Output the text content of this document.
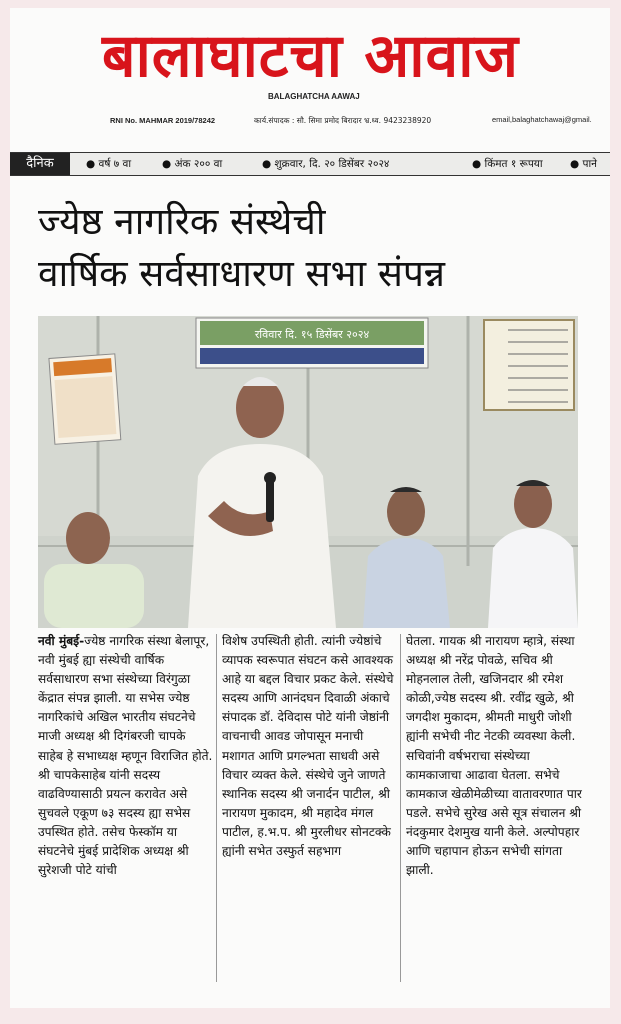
बालाघाटचा आवाज
BALAGHATCHA AAWAJ
RNI No. MAHMAR 2019/78242	कार्य.संपादक : सौ. सिमा प्रमोद बिरादार भ्र.ध्व. 9423238920	email,balaghatchawaj@gmail.
दैनिक	● वर्ष ७ वा	● अंक २०० वा	● शुक्रवार, दि. २० डिसेंबर २०२४	● किंमत १ रूपया	● पाने
ज्येष्ठ नागरिक संस्थेची
वार्षिक सर्वसाधारण सभा संपन्न
रविवार दि. १५ डिसेंबर २०२४
नवी मुंबई-ज्येष्ठ नागरिक संस्था बेलापूर, नवी मुंबई ह्या संस्थेची वार्षिक सर्वसाधारण सभा संस्थेच्या विरंगुळा केंद्रात संपन्न झाली. या सभेस ज्येष्ठ नागरिकांचे अखिल भारतीय संघटनेचे माजी अध्यक्ष श्री दिगंबरजी चापके साहेब हे सभाध्यक्ष म्हणून विराजित होते. श्री चापकेसाहेब यांनी सदस्य वाढविण्यासाठी प्रयत्न करावेत असे सुचवले एकूण ७३ सदस्य ह्या सभेस उपस्थित होते. तसेच फेस्कॉम या संघटनेचे मुंबई प्रादेशिक अध्यक्ष श्री सुरेशजी पोटे यांची
विशेष उपस्थिती होती. त्यांनी ज्येष्ठांचे व्यापक स्वरूपात संघटन कसे आवश्यक आहे या बद्दल विचार प्रकट केले. संस्थेचे सदस्य आणि आनंदघन दिवाळी अंकाचे संपादक डॉ. देविदास पोटे यांनी जेष्ठांनी वाचनाची आवड जोपासून मनाची मशागत आणि प्रगल्भता साधवी असे विचार व्यक्त केले. संस्थेचे जुने जाणते स्थानिक सदस्य श्री जनार्दन पाटील, श्री नारायण मुकादम, श्री महादेव मंगल पाटील, ह.भ.प. श्री मुरलीधर सोनटक्के ह्यांनी सभेत उस्फुर्त सहभाग
घेतला. गायक श्री नारायण म्हात्रे, संस्था अध्यक्ष श्री नरेंद्र पोवळे, सचिव श्री मोहनलाल तेली, खजिनदार श्री रमेश कोळी,ज्येष्ठ सदस्य श्री. रवींद्र खुळे, श्री जगदीश मुकादम, श्रीमती माधुरी जोशी ह्यांनी सभेची नीट नेटकी व्यवस्था केली. सचिवांनी वर्षभराचा संस्थेच्या कामकाजाचा आढावा घेतला. सभेचे कामकाज खेळीमेळीच्या वातावरणात पार पडले. सभेचे सुरेख असे सूत्र संचालन श्री नंदकुमार देशमुख यानी केले. अल्पोपहार आणि चहापान होऊन सभेची सांगता झाली.
